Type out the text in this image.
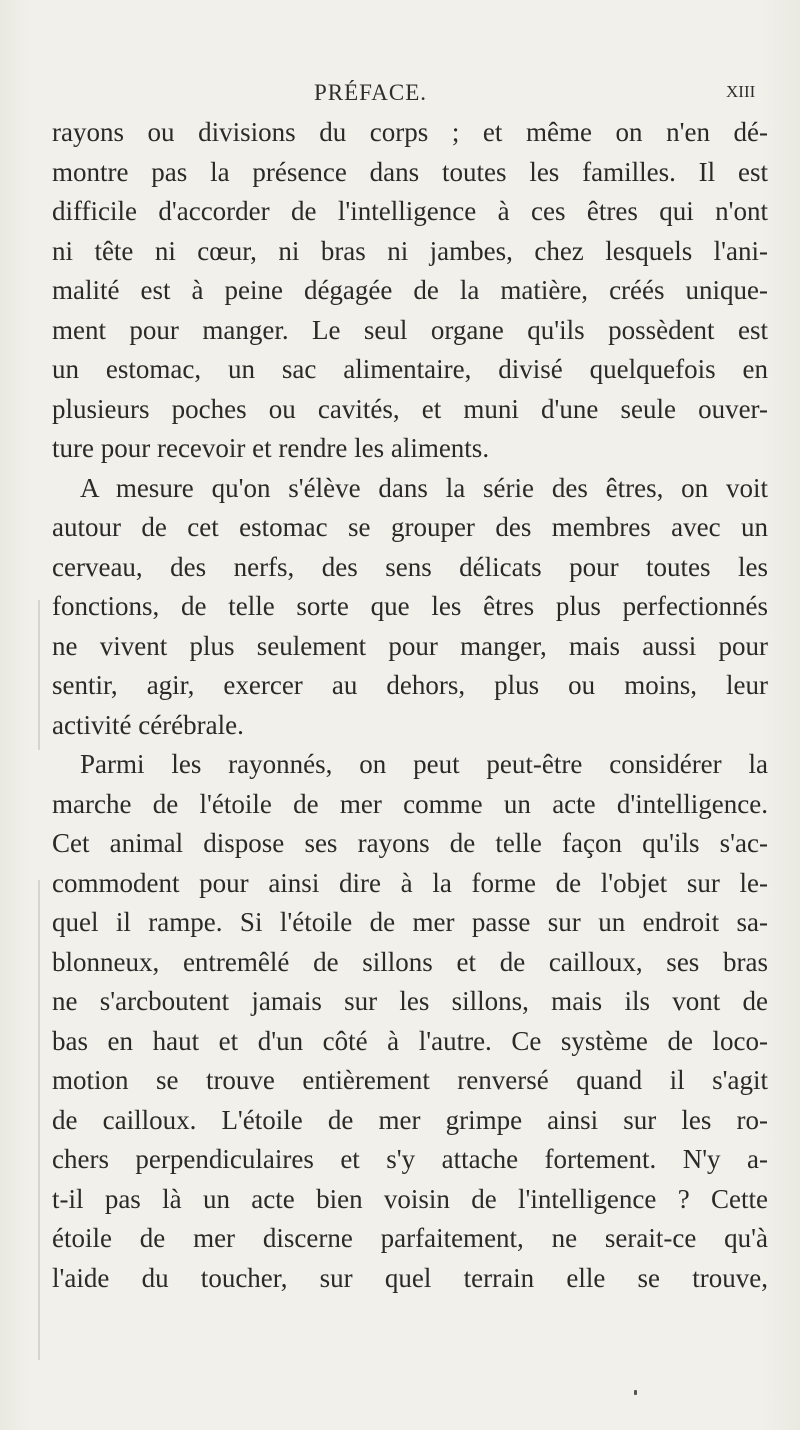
PRÉFACE.	XIII
rayons ou divisions du corps ; et même on n'en dé-
montre pas la présence dans toutes les familles. Il est
difficile d'accorder de l'intelligence à ces êtres qui n'ont
ni tête ni cœur, ni bras ni jambes, chez lesquels l'ani-
malité est à peine dégagée de la matière, créés unique-
ment pour manger. Le seul organe qu'ils possèdent est
un estomac, un sac alimentaire, divisé quelquefois en
plusieurs poches ou cavités, et muni d'une seule ouver-
ture pour recevoir et rendre les aliments.
A mesure qu'on s'élève dans la série des êtres, on voit
autour de cet estomac se grouper des membres avec un
cerveau, des nerfs, des sens délicats pour toutes les
fonctions, de telle sorte que les êtres plus perfectionnés
ne vivent plus seulement pour manger, mais aussi pour
sentir, agir, exercer au dehors, plus ou moins, leur
activité cérébrale.
Parmi les rayonnés, on peut peut-être considérer la
marche de l'étoile de mer comme un acte d'intelligence.
Cet animal dispose ses rayons de telle façon qu'ils s'ac-
commodent pour ainsi dire à la forme de l'objet sur le-
quel il rampe. Si l'étoile de mer passe sur un endroit sa-
blonneux, entremêlé de sillons et de cailloux, ses bras
ne s'arcboutent jamais sur les sillons, mais ils vont de
bas en haut et d'un côté à l'autre. Ce système de loco-
motion se trouve entièrement renversé quand il s'agit
de cailloux. L'étoile de mer grimpe ainsi sur les ro-
chers perpendiculaires et s'y attache fortement. N'y a-
t-il pas là un acte bien voisin de l'intelligence ? Cette
étoile de mer discerne parfaitement, ne serait-ce qu'à
l'aide du toucher, sur quel terrain elle se trouve,
